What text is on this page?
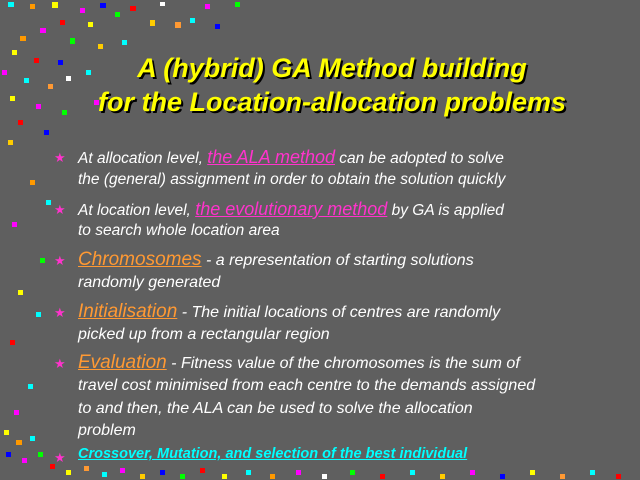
A (hybrid) GA Method building
for the Location-allocation problems
★ At allocation level, the ALA method can be adopted to solve
the (general) assignment in order to obtain the solution quickly
★ At location level, the evolutionary method by GA is applied
to search whole location area
★ Chromosomes - a representation of starting solutions
randomly generated
★ Initialisation - The initial locations of centres are randomly
picked up from a rectangular region
★ Evaluation - Fitness value of the chromosomes is the sum of
travel cost minimised from each centre to the demands assigned
to and then, the ALA can be used to solve the allocation
problem
★ Crossover, Mutation, and selection of the best individual
